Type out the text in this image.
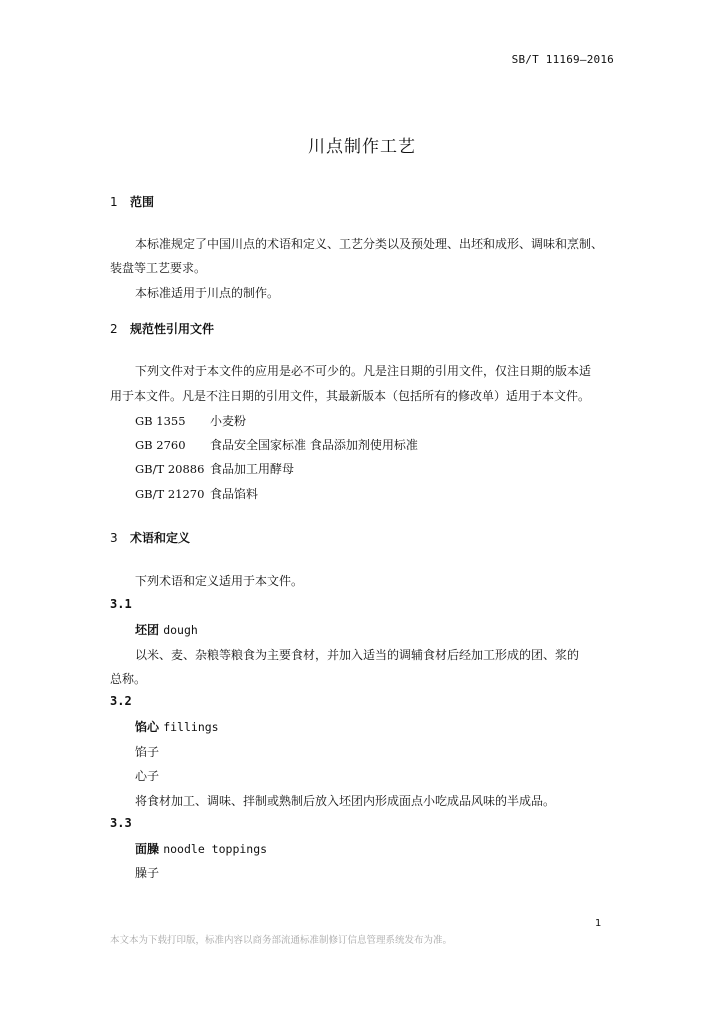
SB/T 11169—2016
川点制作工艺
1 范围
本标准规定了中国川点的术语和定义、工艺分类以及预处理、出坯和成形、调味和烹制、
装盘等工艺要求。
本标准适用于川点的制作。
2 规范性引用文件
下列文件对于本文件的应用是必不可少的。凡是注日期的引用文件，仅注日期的版本适
用于本文件。凡是不注日期的引用文件，其最新版本（包括所有的修改单）适用于本文件。
GB 1355 小麦粉
GB 2760 食品安全国家标准 食品添加剂使用标准
GB/T 20886 食品加工用酵母
GB/T 21270 食品馅料
3 术语和定义
下列术语和定义适用于本文件。
3.1
坯团 dough
以米、麦、杂粮等粮食为主要食材，并加入适当的调辅食材后经加工形成的团、浆的
总称。
3.2
馅心 fillings
馅子
心子
将食材加工、调味、拌制或熟制后放入坯团内形成面点小吃成品风味的半成品。
3.3
面臊 noodle toppings
臊子
1
本文本为下载打印版，标准内容以商务部流通标准制修订信息管理系统发布为准。
